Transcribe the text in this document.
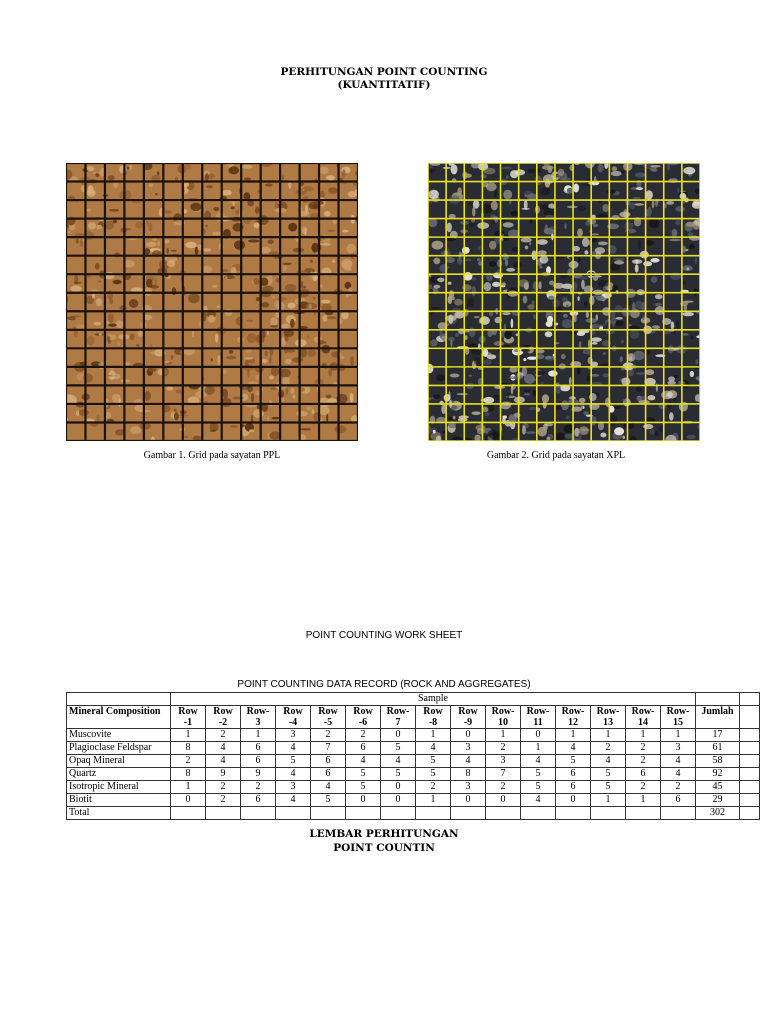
PERHITUNGAN POINT COUNTING
(KUANTITATIF)
Gambar 1. Grid pada sayatan PPL	Gambar 2. Grid pada sayatan XPL
POINT COUNTING WORK SHEET
POINT COUNTING DATA RECORD (ROCK AND AGGREGATES)
	Sample																
Mineral Composition	Row -1	Row -2	Row- 3	Row -4	Row -5	Row -6	Row- 7	Row -8	Row -9	Row- 10	Row- 11	Row- 12	Row- 13	Row- 14	Row- 15	Jumlah	
Muscovite	1	2	1	3	2	2	0	1	0	1	0	1	1	1	1	17	
Plagioclase Feldspar	8	4	6	4	7	6	5	4	3	2	1	4	2	2	3	61	
Opaq Mineral	2	4	6	5	6	4	4	5	4	3	4	5	4	2	4	58	
Quartz	8	9	9	4	6	5	5	5	8	7	5	6	5	6	4	92	
Isotropic Mineral	1	2	2	3	4	5	0	2	3	2	5	6	5	2	2	45	
Biotit	0	2	6	4	5	0	0	1	0	0	4	0	1	1	6	29	
Total																302	
LEMBAR PERHITUNGAN
POINT COUNTIN
